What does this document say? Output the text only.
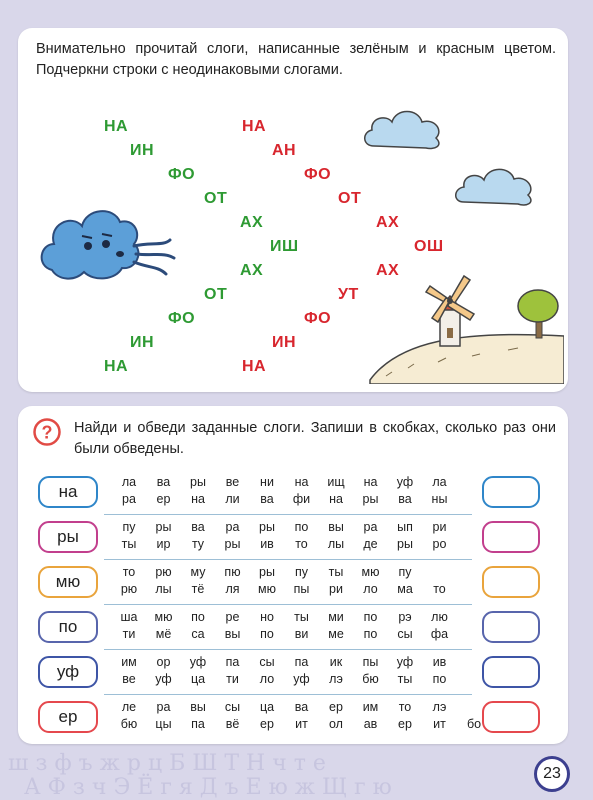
Внимательно прочитай слоги, написанные зелёным и красным цветом. Подчеркни строки с неодинаковыми слогами.
НА	НА
ИН	АН
ФО	ФО
ОТ	ОТ
АХ	АХ
ИШ	ОШ
АХ	АХ
ОТ	УТ
ФО	ФО
ИН	ИН
НА	НА
? Найди и обведи заданные слоги. Запиши в скобках, сколько раз они были обведены.
на	ла	ва	ры	ве	ни	на	ищ	на	уф	ла
ра	ер	на	ли	ва	фи	на	ры	ва	ны
ры	пу	ры	ва	ра	ры	по	вы	ра	ып	ри
ты	ир	ту	ры	ив	то	лы	де	ры	ро
мю	то	рю	му	пю	ры	пу	ты	мю	пу
рю	лы	тё	ля	мю	пы	ри	ло	ма	то
по	ша	мю	по	ре	но	ты	ми	по	рэ	лю
ти	мё	са	вы	по	ви	ме	по	сы	фа
уф	им	ор	уф	па	сы	па	ик	пы	уф	ив
ве	уф	ца	ти	ло	уф	лэ	бю	ты	по
ер	ле	ра	вы	сы	ца	ва	ер	им	то	лэ
бю	цы	па	вё	ер	ит	ол	ав	ер	ит	бо
ш з ф ъ ж р ц Б Ш Т Н ч т е
А Ф з ч Э Ё г я Д ъ Е ю ж Щ г ю
23
